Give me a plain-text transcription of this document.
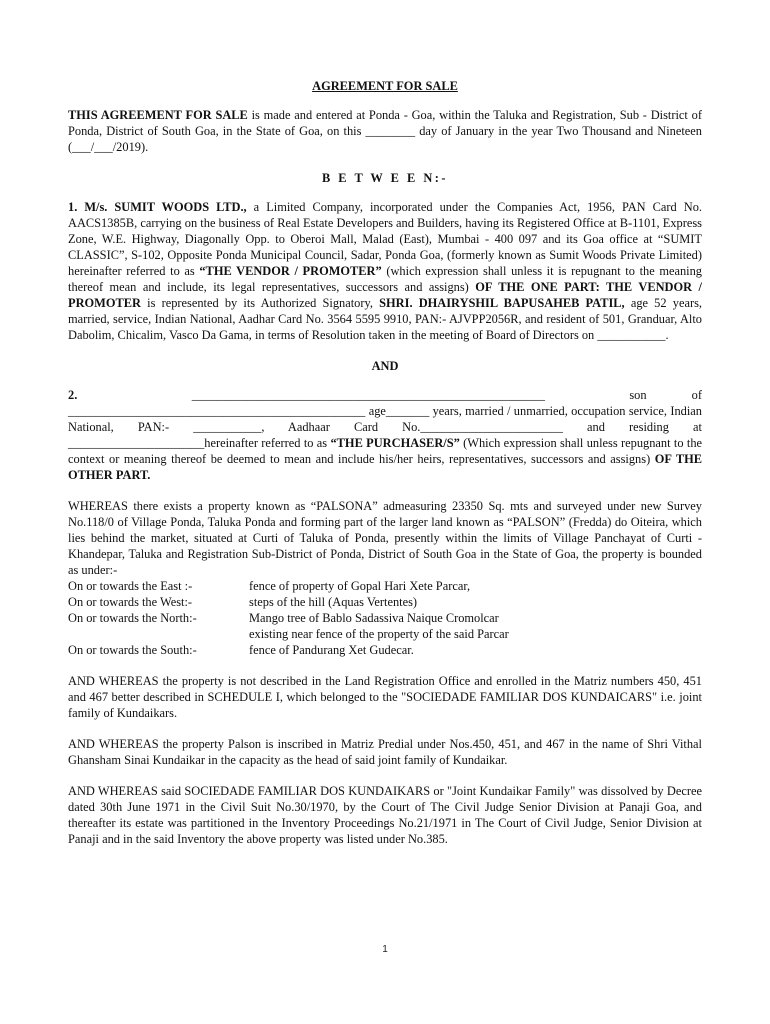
AGREEMENT FOR SALE

THIS AGREEMENT FOR SALE is made and entered at Ponda - Goa, within the Taluka and Registration, Sub - District of Ponda, District of South Goa, in the State of Goa, on this ________ day of January in the year Two Thousand and Nineteen (___/___/2019).

B E T W E E N:-

1. M/s. SUMIT WOODS LTD., a Limited Company, incorporated under the Companies Act, 1956, PAN Card No. AACS1385B, carrying on the business of Real Estate Developers and Builders, having its Registered Office at B-1101, Express Zone, W.E. Highway, Diagonally Opp. to Oberoi Mall, Malad (East), Mumbai - 400 097 and its Goa office at “SUMIT CLASSIC”, S-102, Opposite Ponda Municipal Council, Sadar, Ponda Goa, (formerly known as Sumit Woods Private Limited) hereinafter referred to as “THE VENDOR / PROMOTER” (which expression shall unless it is repugnant to the meaning thereof mean and include, its legal representatives, successors and assigns) OF THE ONE PART: THE VENDOR / PROMOTER is represented by its Authorized Signatory, SHRI. DHAIRYSHIL BAPUSAHEB PATIL, age 52 years, married, service, Indian National, Aadhar Card No. 3564 5595 9910, PAN:- AJVPP2056R, and resident of 501, Granduar, Alto Dabolim, Chicalim, Vasco Da Gama, in terms of Resolution taken in the meeting of Board of Directors on ___________.

AND

2.	_________________________________________________________	son of
________________________________________________ age_______ years, married / unmarried, occupation service, Indian National, PAN:- ___________, Aadhaar Card No._______________________ and residing at ______________________hereinafter referred to as “THE PURCHASER/S” (Which expression shall unless repugnant to the context or meaning thereof be deemed to mean and include his/her heirs, representatives, successors and assigns) OF THE OTHER PART.

WHEREAS there exists a property known as “PALSONA” admeasuring 23350 Sq. mts and surveyed under new Survey No.118/0 of Village Ponda, Taluka Ponda and forming part of the larger land known as “PALSON” (Fredda) do Oiteira, which lies behind the market, situated at Curti of Taluka of Ponda, presently within the limits of Village Panchayat of Curti - Khandepar, Taluka and Registration Sub-District of Ponda, District of South Goa in the State of Goa, the property is bounded as under:-

On or towards the East :-	fence of property of Gopal Hari Xete Parcar,
On or towards the West:-	steps of the hill (Aquas Vertentes)
On or towards the North:-	Mango tree of Bablo Sadassiva Naique Cromolcar
existing near fence of the property of the said Parcar
On or towards the South:-	fence of Pandurang Xet Gudecar.

AND WHEREAS the property is not described in the Land Registration Office and enrolled in the Matriz numbers 450, 451 and 467 better described in SCHEDULE I, which belonged to the "SOCIEDADE FAMILIAR DOS KUNDAICARS" i.e. joint family of Kundaikars.

AND WHEREAS the property Palson is inscribed in Matriz Predial under Nos.450, 451, and 467 in the name of Shri Vithal Ghansham Sinai Kundaikar in the capacity as the head of said joint family of Kundaikar.

AND WHEREAS said SOCIEDADE FAMILIAR DOS KUNDAIKARS or "Joint Kundaikar Family" was dissolved by Decree dated 30th June 1971 in the Civil Suit No.30/1970, by the Court of The Civil Judge Senior Division at Panaji Goa, and thereafter its estate was partitioned in the Inventory Proceedings No.21/1971 in The Court of Civil Judge, Senior Division at Panaji and in the said Inventory the above property was listed under No.385.

1
